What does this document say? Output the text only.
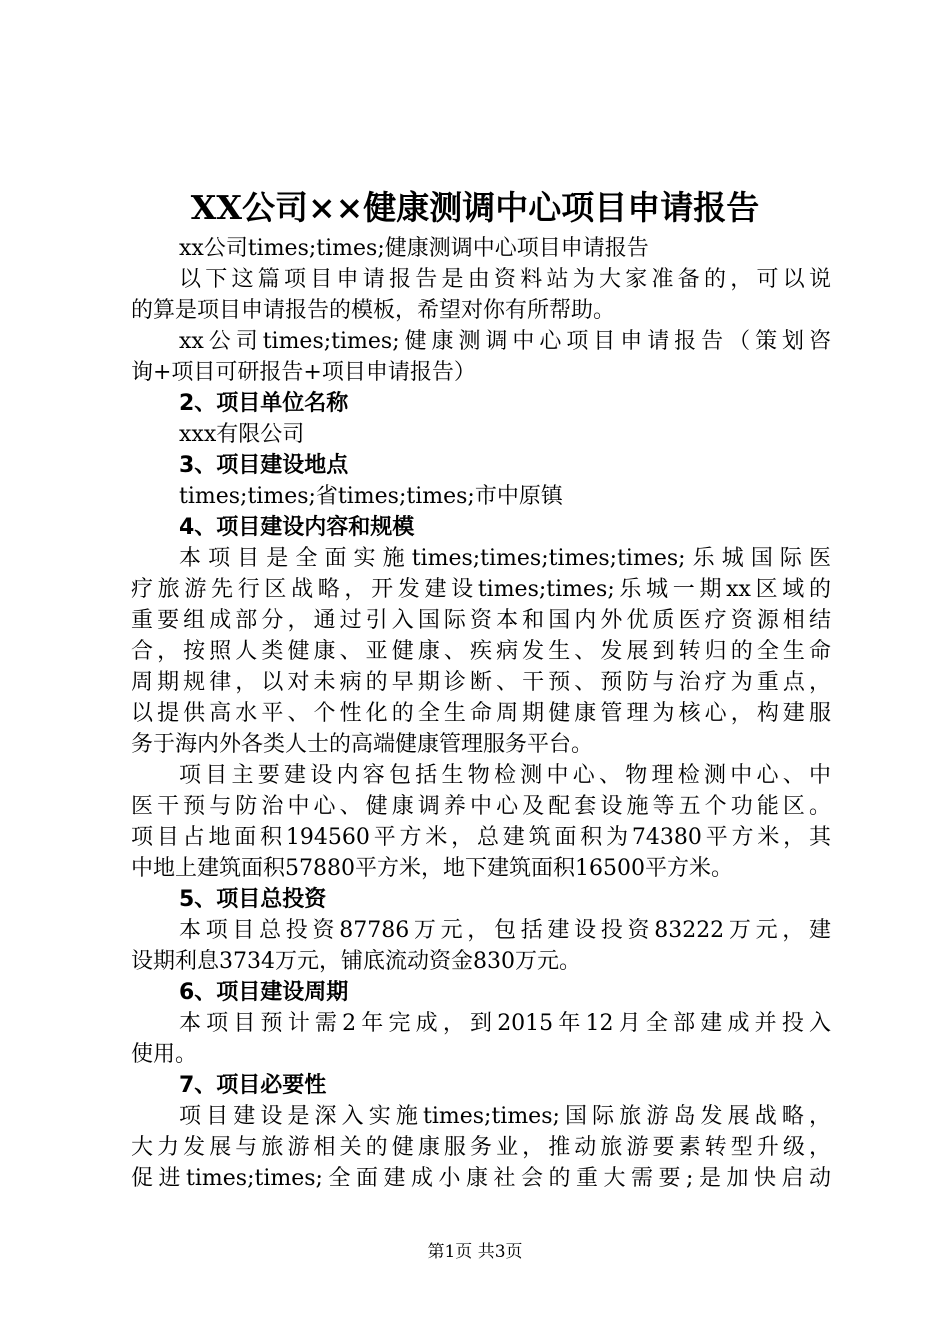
XX公司××健康测调中心项目申请报告
xx公司times;times;健康测调中心项目申请报告
以下这篇项目申请报告是由资料站为大家准备的，可以说
的算是项目申请报告的模板，希望对你有所帮助。
xx公司times;times;健康测调中心项目申请报告（策划咨
询+项目可研报告+项目申请报告）
2、项目单位名称
xxx有限公司
3、项目建设地点
times;times;省times;times;市中原镇
4、项目建设内容和规模
本项目是全面实施times;times;times;times;乐城国际医
疗旅游先行区战略，开发建设times;times;乐城一期xx区域的
重要组成部分，通过引入国际资本和国内外优质医疗资源相结
合，按照人类健康、亚健康、疾病发生、发展到转归的全生命
周期规律，以对未病的早期诊断、干预、预防与治疗为重点，
以提供高水平、个性化的全生命周期健康管理为核心，构建服
务于海内外各类人士的高端健康管理服务平台。
项目主要建设内容包括生物检测中心、物理检测中心、中
医干预与防治中心、健康调养中心及配套设施等五个功能区。
项目占地面积194560平方米，总建筑面积为74380平方米，其
中地上建筑面积57880平方米，地下建筑面积16500平方米。
5、项目总投资
本项目总投资87786万元，包括建设投资83222万元，建
设期利息3734万元，铺底流动资金830万元。
6、项目建设周期
本项目预计需2年完成，到2015年12月全部建成并投入
使用。
7、项目必要性
项目建设是深入实施times;times;国际旅游岛发展战略，
大力发展与旅游相关的健康服务业，推动旅游要素转型升级，
促进times;times;全面建成小康社会的重大需要;是加快启动
第1页 共3页
